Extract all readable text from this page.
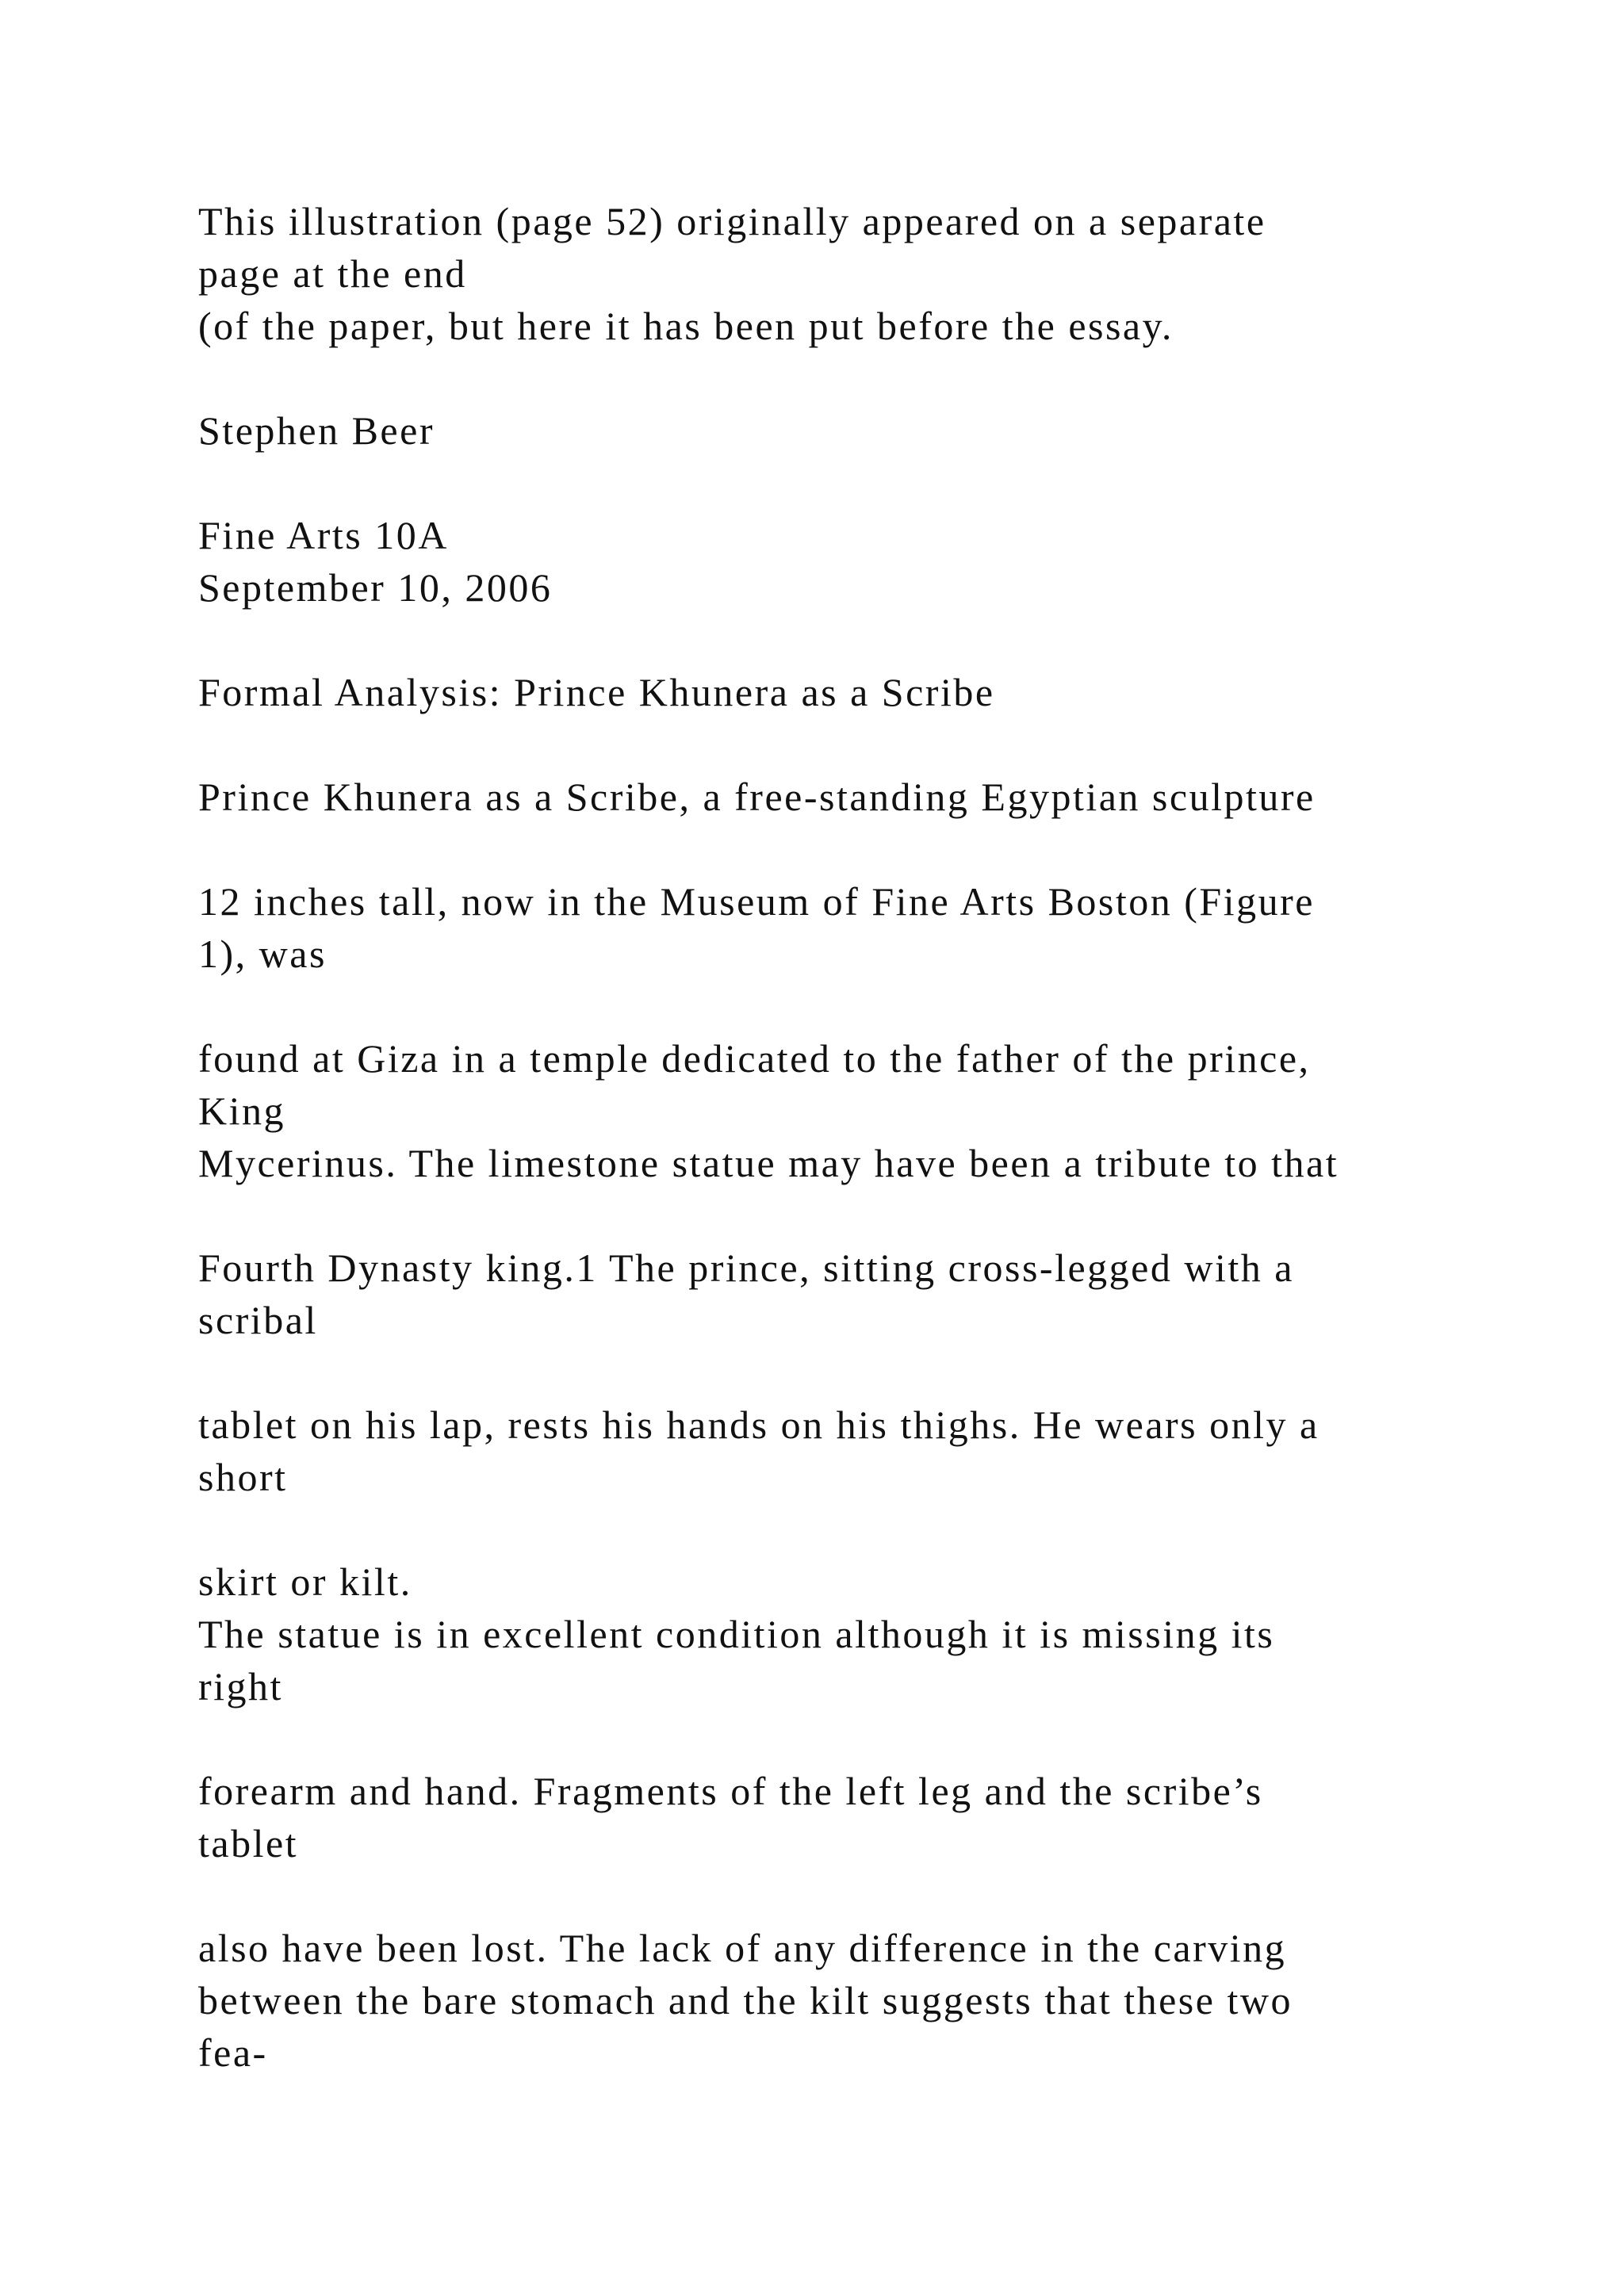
This illustration (page 52) originally appeared on a separate
page at the end
(of the paper, but here it has been put before the essay.
Stephen Beer
Fine Arts 10A
September 10, 2006
Formal Analysis: Prince Khunera as a Scribe
Prince Khunera as a Scribe, a free-standing Egyptian sculpture
12 inches tall, now in the Museum of Fine Arts Boston (Figure
1), was
found at Giza in a temple dedicated to the father of the prince,
King
Mycerinus. The limestone statue may have been a tribute to that
Fourth Dynasty king.1 The prince, sitting cross-legged with a
scribal
tablet on his lap, rests his hands on his thighs. He wears only a
short
skirt or kilt.
The statue is in excellent condition although it is missing its
right
forearm and hand. Fragments of the left leg and the scribe’s
tablet
also have been lost. The lack of any difference in the carving
between the bare stomach and the kilt suggests that these two
fea-
